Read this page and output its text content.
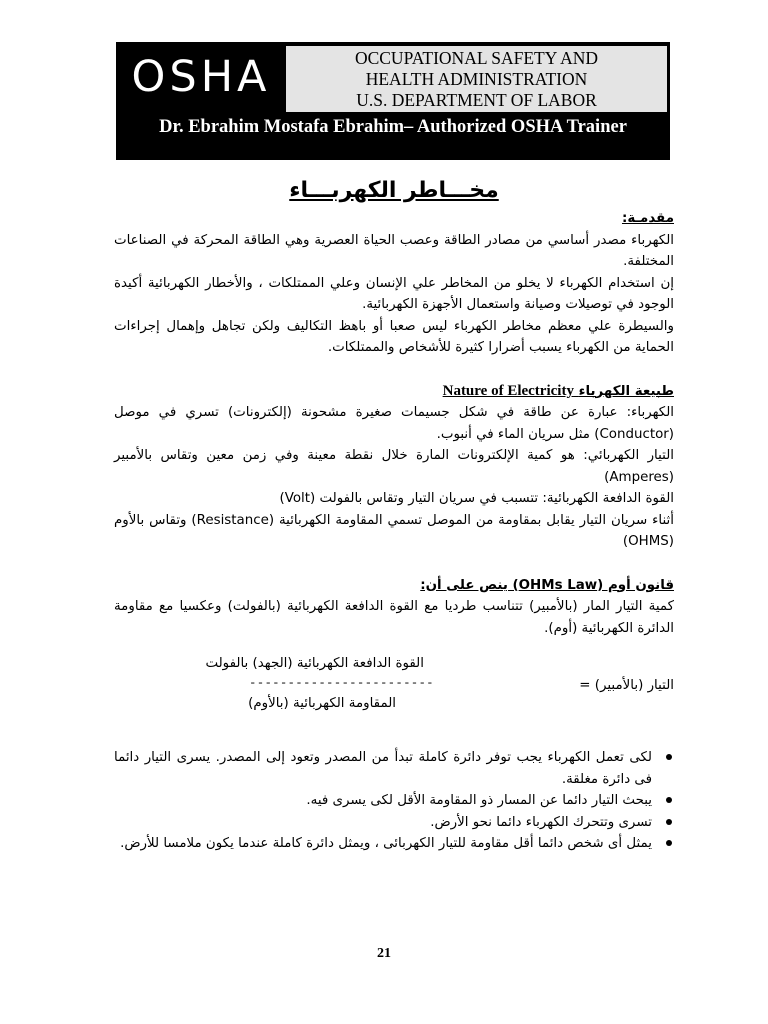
OSHA	OCCUPATIONAL SAFETY AND
HEALTH ADMINISTRATION
U.S. DEPARTMENT OF LABOR
Dr. Ebrahim Mostafa Ebrahim– Authorized OSHA Trainer
مخـــاطر الكهربـــاء
مقدمـة:

الكهرباء مصدر أساسي من مصادر الطاقة وعصب الحياة العصرية وهي الطاقة المحركة في الصناعات المختلفة.

إن استخدام الكهرباء لا يخلو من المخاطر علي الإنسان وعلي الممتلكات ، والأخطار الكهربائية أكيدة الوجود في توصيلات وصيانة واستعمال الأجهزة الكهربائية.

والسيطرة علي معظم مخاطر الكهرباء ليس صعبا أو باهظ التكاليف ولكن تجاهل وإهمال إجراءات الحماية من الكهرباء يسبب أضرارا كثيرة للأشخاص والممتلكات.

طبيعة الكهرباء Nature of Electricity

الكهرباء: عبارة عن طاقة في شكل جسيمات صغيرة مشحونة (إلكترونات) تسري في موصل (Conductor) مثل سريان الماء في أنبوب.

التيار الكهربائي: هو كمية الإلكترونات المارة خلال نقطة معينة وفي زمن معين وتقاس بالأمبير (Amperes)

القوة الدافعة الكهربائية: تتسبب في سريان التيار وتقاس بالفولت (Volt)

أثناء سريان التيار يقابل بمقاومة من الموصل تسمي المقاومة الكهربائية (Resistance) وتقاس بالأوم (OHMS)

قانون أوم (OHMs Law) ينص على أن:

كمية التيار المار (بالأمبير) تتناسب طرديا مع القوة الدافعة الكهربائية (بالفولت) وعكسيا مع مقاومة الدائرة الكهربائية (أوم).

القوة الدافعة الكهربائية (الجهد) بالفولت
------------------------
المقاومة الكهربائية (بالأوم)
التيار (بالأمبير) =
لكى تعمل الكهرباء يجب توفر دائرة كاملة تبدأ من المصدر وتعود إلى المصدر. يسرى التيار دائما فى دائرة مغلقة.
يبحث التيار دائما عن المسار ذو المقاومة الأقل لكى يسرى فيه.
تسرى وتتحرك الكهرباء دائما نحو الأرض.
يمثل أى شخص دائما أقل مقاومة للتيار الكهربائى ، ويمثل دائرة كاملة عندما يكون ملامسا للأرض.
21
